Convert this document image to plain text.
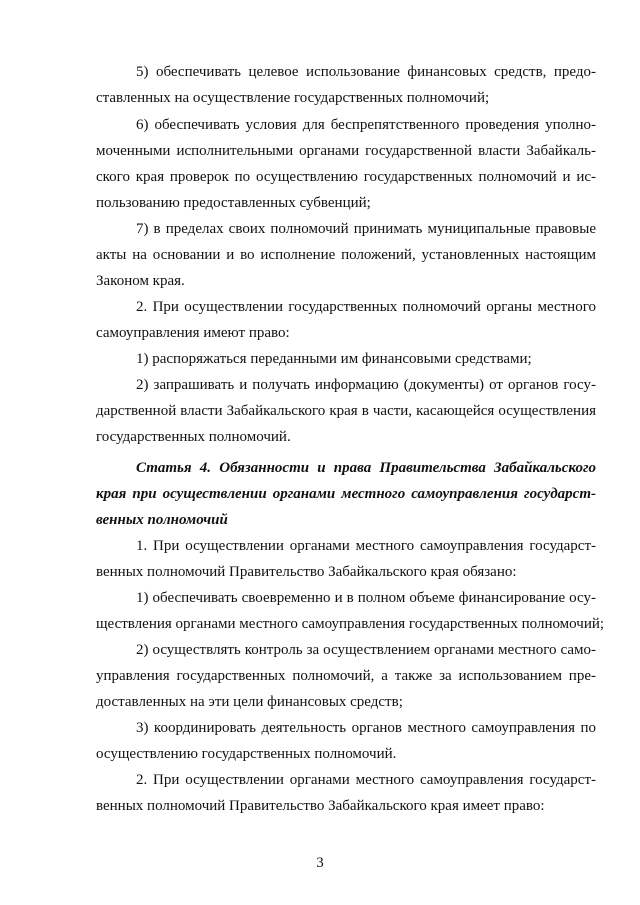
5) обеспечивать целевое использование финансовых средств, предо-
ставленных на осуществление государственных полномочий;
6) обеспечивать условия для беспрепятственного проведения уполно-
моченными исполнительными органами государственной власти Забайкаль-
ского края проверок по осуществлению государственных полномочий и ис-
пользованию предоставленных субвенций;
7) в пределах своих полномочий принимать муниципальные правовые
акты на основании и во исполнение положений, установленных настоящим
Законом края.
2. При осуществлении государственных полномочий органы местного
самоуправления имеют право:
1) распоряжаться переданными им финансовыми средствами;
2) запрашивать и получать информацию (документы) от органов госу-
дарственной власти Забайкальского края в части, касающейся осуществления
государственных полномочий.
Статья 4. Обязанности и права Правительства Забайкальского
края при осуществлении органами местного самоуправления государст-
венных полномочий
1. При осуществлении органами местного самоуправления государст-
венных полномочий Правительство Забайкальского края обязано:
1) обеспечивать своевременно и в полном объеме финансирование осу-
ществления органами местного самоуправления государственных полномочий;
2) осуществлять контроль за осуществлением органами местного само-
управления государственных полномочий, а также за использованием пре-
доставленных на эти цели финансовых средств;
3) координировать деятельность органов местного самоуправления по
осуществлению государственных полномочий.
2. При осуществлении органами местного самоуправления государст-
венных полномочий Правительство Забайкальского края имеет право:
3
